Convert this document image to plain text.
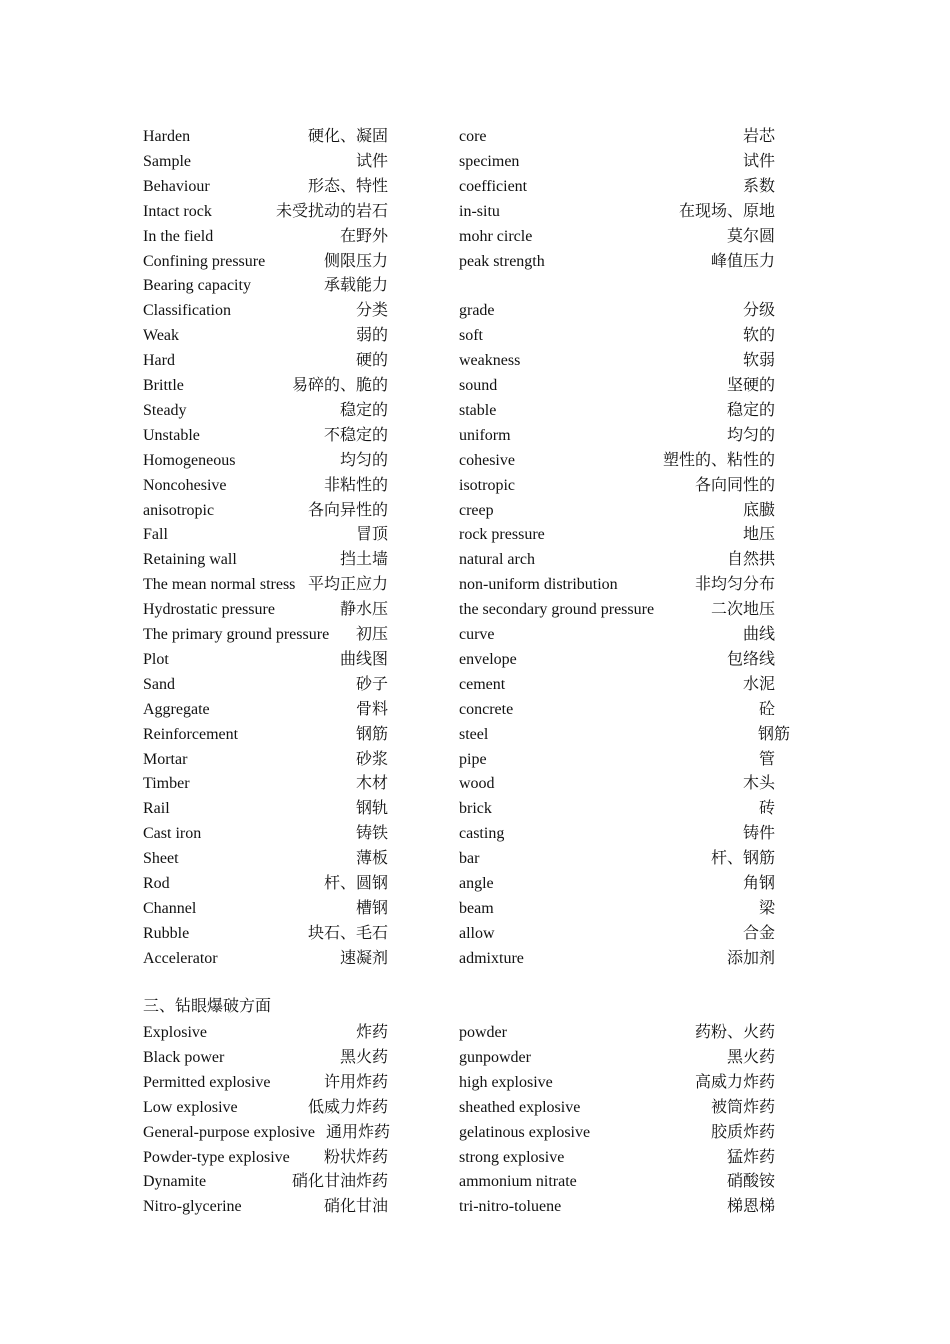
Harden	硬化、凝固	core	岩芯
Sample	试件	specimen	试件
Behaviour	形态、特性	coefficient	系数
Intact rock	未受扰动的岩石	in-situ	在现场、原地
In the field	在野外	mohr circle	莫尔圆
Confining pressure	侧限压力	peak strength	峰值压力
Bearing capacity	承载能力
Classification	分类	grade	分级
Weak	弱的	soft	软的
Hard	硬的	weakness	软弱
Brittle	易碎的、脆的	sound	坚硬的
Steady	稳定的	stable	稳定的
Unstable	不稳定的	uniform	均匀的
Homogeneous	均匀的	cohesive	塑性的、粘性的
Noncohesive	非粘性的	isotropic	各向同性的
anisotropic	各向异性的	creep	底臌
Fall	冒顶	rock pressure	地压
Retaining wall	挡土墙	natural arch	自然拱
The mean normal stress 平均正应力	non-uniform distribution	非均匀分布
Hydrostatic pressure	静水压	the secondary ground pressure	二次地压
The primary ground pressure 初压	curve	曲线
Plot	曲线图	envelope	包络线
Sand	砂子	cement	水泥
Aggregate	骨料	concrete	砼
Reinforcement	钢筋	steel	钢筋
Mortar	砂浆	pipe	管
Timber	木材	wood	木头
Rail	钢轨	brick	砖
Cast iron	铸铁	casting	铸件
Sheet	薄板	bar	杆、钢筋
Rod	杆、圆钢	angle	角钢
Channel	槽钢	beam	梁
Rubble	块石、毛石	allow	合金
Accelerator	速凝剂	admixture	添加剂
三、钻眼爆破方面
Explosive	炸药	powder	药粉、火药
Black power	黑火药	gunpowder	黑火药
Permitted explosive	许用炸药	high explosive	高威力炸药
Low explosive	低威力炸药	sheathed explosive	被筒炸药
General-purpose explosive 通用炸药	gelatinous explosive	胶质炸药
Powder-type explosive 粉状炸药	strong explosive	猛炸药
Dynamite	硝化甘油炸药	ammonium nitrate	硝酸铵
Nitro-glycerine	硝化甘油	tri-nitro-toluene	梯恩梯
